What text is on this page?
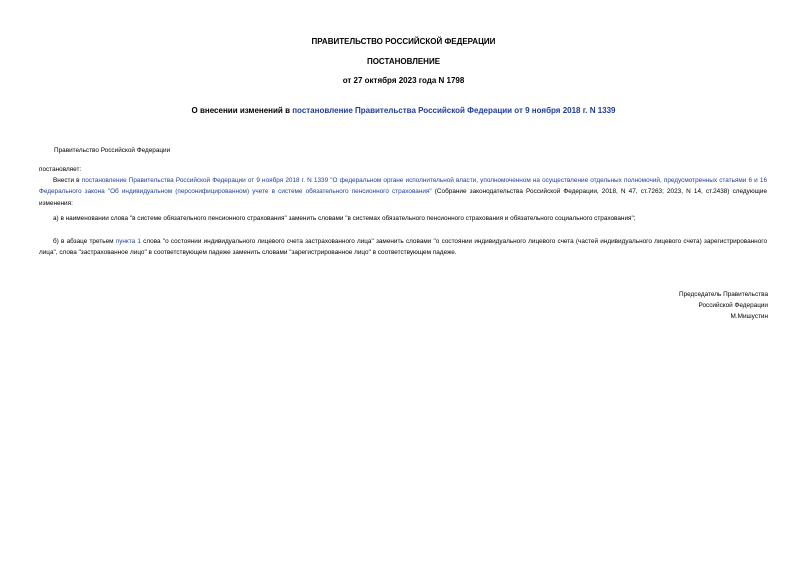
ПРАВИТЕЛЬСТВО РОССИЙСКОЙ ФЕДЕРАЦИИ
ПОСТАНОВЛЕНИЕ
от 27 октября 2023 года N 1798
О внесении изменений в постановление Правительства Российской Федерации от 9 ноября 2018 г. N 1339
Правительство Российской Федерации
постановляет:
Внести в постановление Правительства Российской Федерации от 9 ноября 2018 г. N 1339 "О федеральном органе исполнительной власти, уполномоченном на осуществление отдельных полномочий, предусмотренных статьями 6 и 16 Федерального закона "Об индивидуальном (персонифицированном) учете в системе обязательного пенсионного страхования" (Собрание законодательства Российской Федерации, 2018, N 47, ст.7263; 2023, N 14, ст.2438) следующие изменения:
а) в наименовании слова "в системе обязательного пенсионного страхования" заменить словами "в системах обязательного пенсионного страхования и обязательного социального страхования";
б) в абзаце третьем пункта 1 слова "о состоянии индивидуального лицевого счета застрахованного лица" заменить словами "о состоянии индивидуального лицевого счета (частей индивидуального лицевого счета) зарегистрированного лица", слова "застрахованное лицо" в соответствующем падеже заменить словами "зарегистрированное лицо" в соответствующем падеже.
Председатель Правительства
Российской Федерации
М.Мишустин
